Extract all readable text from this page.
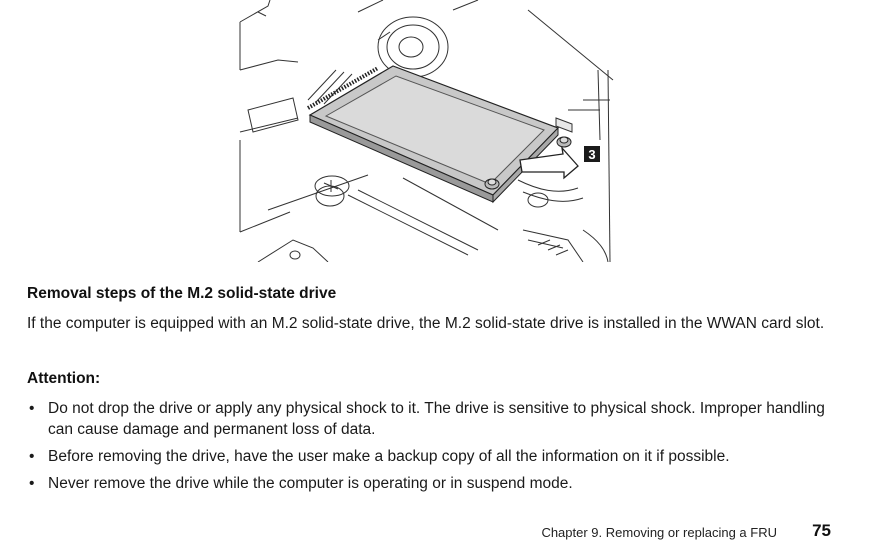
3
Removal steps of the M.2 solid-state drive
If the computer is equipped with an M.2 solid-state drive, the M.2 solid-state drive is installed in the WWAN card slot.
Attention:
• Do not drop the drive or apply any physical shock to it. The drive is sensitive to physical shock. Improper handling can cause damage and permanent loss of data.
• Before removing the drive, have the user make a backup copy of all the information on it if possible.
• Never remove the drive while the computer is operating or in suspend mode.
Chapter 9. Removing or replacing a FRU 75
